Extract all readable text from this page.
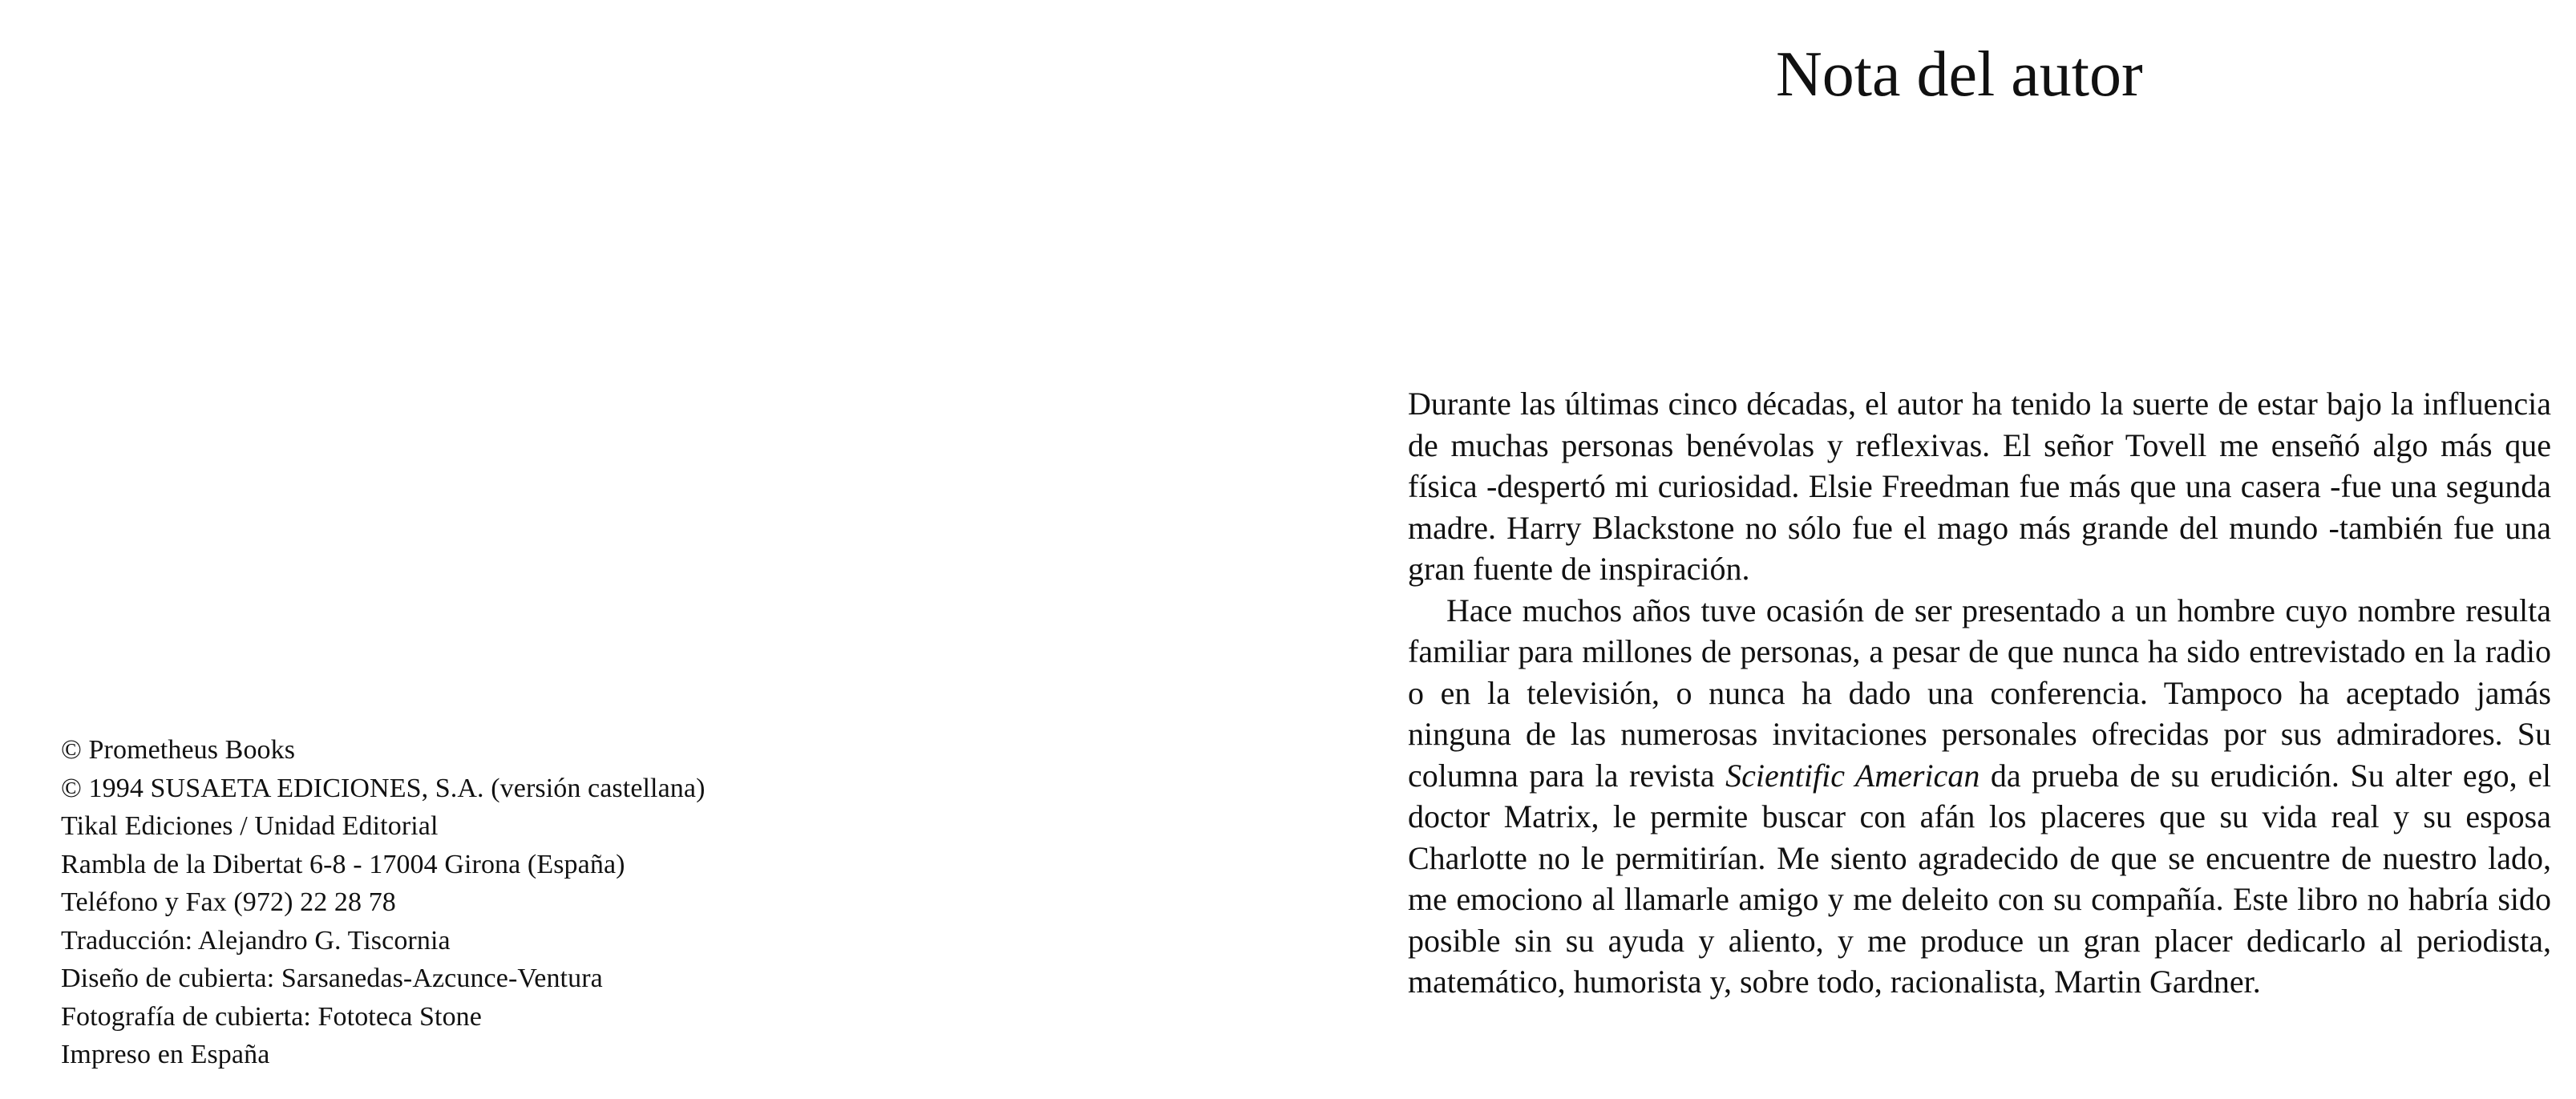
© Prometheus Books
© 1994 SUSAETA EDICIONES, S.A. (versión castellana)
Tikal Ediciones / Unidad Editorial
Rambla de la Dibertat 6-8 - 17004 Girona (España)
Teléfono y Fax (972) 22 28 78
Traducción: Alejandro G. Tiscornia
Diseño de cubierta: Sarsanedas-Azcunce-Ventura
Fotografía de cubierta: Fototeca Stone
Impreso en España
Nota del autor

Durante las últimas cinco décadas, el autor ha tenido la suerte de estar bajo la influencia de muchas personas benévolas y reflexivas. El señor Tovell me enseñó algo más que física -despertó mi curiosidad. Elsie Freedman fue más que una casera -fue una segunda madre. Harry Blackstone no sólo fue el mago más grande del mundo -también fue una gran fuente de inspiración.

Hace muchos años tuve ocasión de ser presentado a un hombre cuyo nombre resulta familiar para millones de personas, a pesar de que nunca ha sido entrevistado en la radio o en la televisión, o nunca ha dado una conferencia. Tampoco ha aceptado jamás ninguna de las numerosas invitaciones personales ofrecidas por sus admiradores. Su columna para la revista Scientific American da prueba de su erudición. Su alter ego, el doctor Matrix, le permite buscar con afán los placeres que su vida real y su esposa Charlotte no le permitirían. Me siento agradecido de que se encuentre de nuestro lado, me emociono al llamarle amigo y me deleito con su compañía. Este libro no habría sido posible sin su ayuda y aliento, y me produce un gran placer dedicarlo al periodista, matemático, humorista y, sobre todo, racionalista, Martin Gardner.
